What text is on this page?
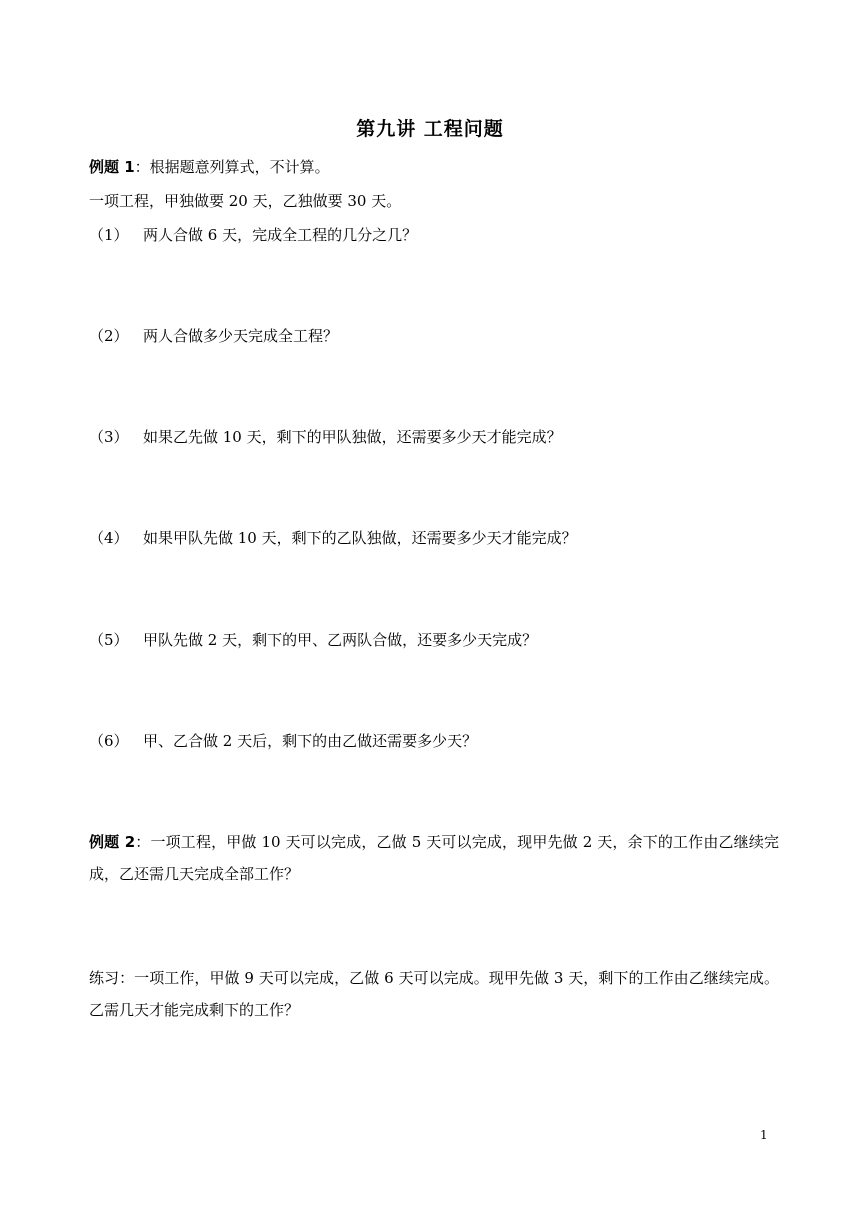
第九讲 工程问题
例题 1：根据题意列算式，不计算。
一项工程，甲独做要 20 天，乙独做要 30 天。
（1） 两人合做 6 天，完成全工程的几分之几？
（2） 两人合做多少天完成全工程？
（3） 如果乙先做 10 天，剩下的甲队独做，还需要多少天才能完成？
（4） 如果甲队先做 10 天，剩下的乙队独做，还需要多少天才能完成？
（5） 甲队先做 2 天，剩下的甲、乙两队合做，还要多少天完成？
（6） 甲、乙合做 2 天后，剩下的由乙做还需要多少天？
例题 2：一项工程，甲做 10 天可以完成，乙做 5 天可以完成，现甲先做 2 天，余下的工作由乙继续完成，乙还需几天完成全部工作？
练习：一项工作，甲做 9 天可以完成，乙做 6 天可以完成。现甲先做 3 天，剩下的工作由乙继续完成。乙需几天才能完成剩下的工作？
1
